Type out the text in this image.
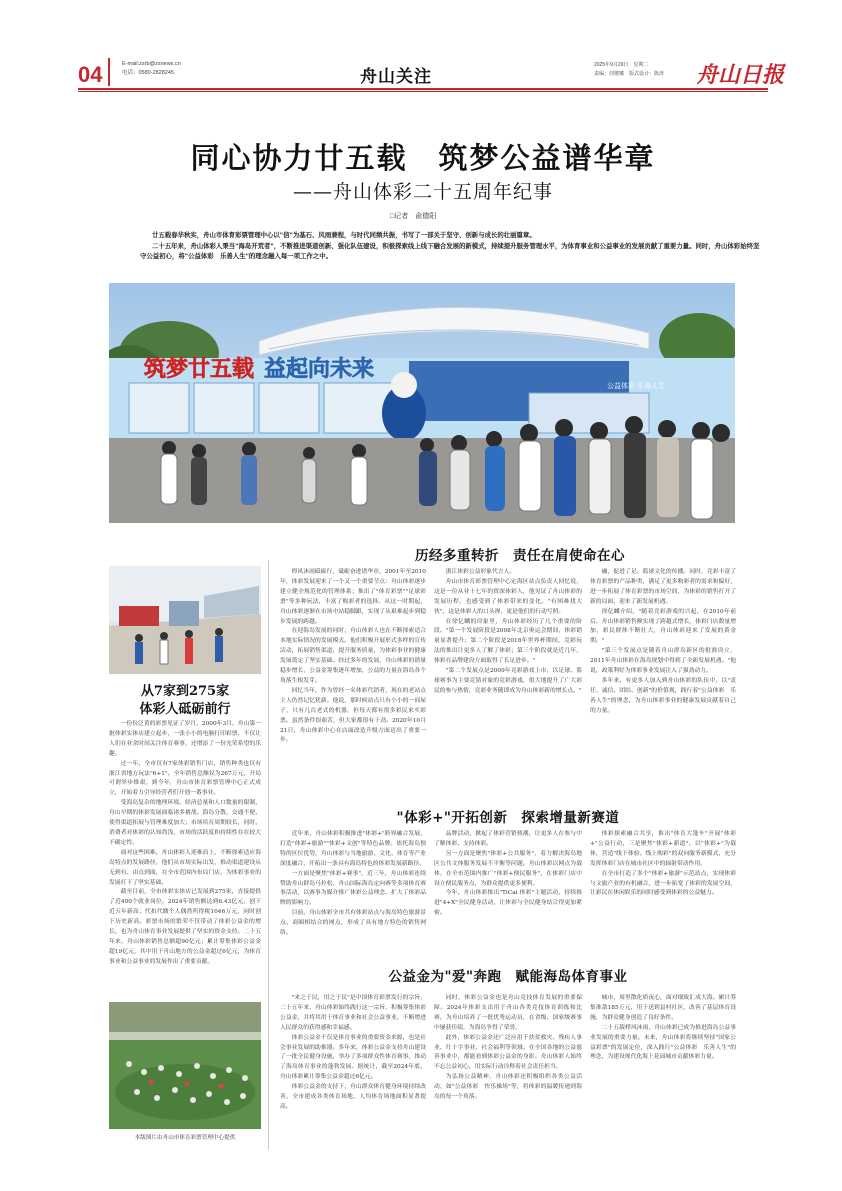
04	E-mail:zsrb@zsnews.cn
电话：0580-2828245	舟山关注
2025年9月29日　星期二
责编：周婆娜　版式设计：陈涛 舟山日报
同心协力廿五载　筑梦公益谱华章
——舟山体彩二十五周年纪事
□记者　俞德阳

廿五载春华秋实，舟山市体育彩票管理中心以"信"为基石、风雨兼程，与时代同频共振，书写了一部关于坚守、创新与成长的壮丽篇章。

二十五年来，舟山体彩人秉当"海岛开荒者"，不断推进渠道创新、强化队伍建设，积极探索线上线下融合发展的新模式，持续提升服务管理水平，为体育事业和公益事业的发展贡献了重要力量。同时，舟山体彩始终坚守公益初心，将"公益体彩　乐善人生"的理念融入每一项工作之中。

筑梦廿五载 益起向未来
公益体彩 乐善人生
历经多重转折　责任在肩使命在心
从7家到275家
体彩人砥砺前行

一份份泛黄的彩票见证了岁月，2000年3月，舟山第一批体彩实体店建立起步，一张小小的电脑打印彩票，不仅让人们在业余时间关注体育赛事，还增添了一份光荣希望的乐趣。

过一年，全市仅有7家体彩销售门店，销售种类也仅有浙江省地方玩法"6+1"。全年销售总额仅为267万元，开局可谓举步维艰。到今年，舟山市体育彩票管理中心正式成立，开始着力引导经营者们开创一番事业。

受海岛复杂的地理环境、经济总量和人口数量的限制，舟山早期的体彩发展面临诸多挑战。海岛分散、交通不便，使得渠道拓展与管理难度加大；市场培育周期较长，同时，消费者对体彩的认知尚浅，市场的活跃度和持续性存在较大不确定性。

面对这些困难，舟山体彩人迎难而上，不断探索适应海岛特点的发展路径，他们从市场实际出发，推动渠道建设从无到有、由点到面，在全市范围内布局门店，为体彩事业的发展打下了坚实基础。

截至目前，全市体彩实体店已发展到275家，直接提供了近400个就业岗位。2024年销售额达到6.43亿元，创下近五年新高；代扣代缴个人偶然所得税1046万元，同时创下历史新高。彩票市场的繁荣不仅带动了体彩公益金的增长，也为舟山体育事业发展提供了坚实的资金支持。二十五年来，舟山体彩销售总额超90亿元；累计筹集体彩公益金超19亿元，其中用于舟山地方的公益金超过6亿元，为体育事业和公益事业的发展作出了重要贡献。

本版图片由舟山市体育彩票管理中心提供

栉风沐雨砥砺行，砥砺奋进谱华章，2001年至2010年，体彩发展迎来了一个又一个重要节点：舟山体彩逐步建立健全规范化的管理体系；推出了"体育彩票""足球彩票"等多种玩法，丰富了购彩者的选择。从这一时期起，舟山体彩逐渐在市场中站稳脚跟，实现了从艰难起步到稳步发展的跨越。

在迎海岛发展的同时，舟山体彩人也在不断探索适合本地实际情况的发展模式。他们积极开展形式多样的宣传活动，拓展销售渠道，提升服务质量，为体彩事业的健康发展奠定了坚实基础。经过多年的发展，舟山体彩的销量稳步增长，公益金筹集逐年增加，公益的力量在海岛各个角落生根发芽。

回忆当年，作为曾经一名体彩代销者，现在的老站点主人仍然记忆犹新。他说，那时候站点只有小小的一间屋子，只有几台老式的机器，但每天都有很多彩民来买彩票。虽然条件很艰苦，但大家都很有干劲。2020年10月21日，舟山体彩中心在店面改造升级方面迈出了重要一步。

浙江体彩公益形象代言人。

舟山市体育彩票管理中心定海区站点负责人回忆说，这是一位从业十七年的资深体彩人，他见证了舟山体彩的发展历程，也感受到了体彩带来的变化。"有困难找大伙"，这是体彩人的口头禅，更是他们的行动写照。

在徐亿麟的印象里，舟山体彩经历了几个重要的阶段。"第一个发展阶段是2008年北京奥运会期间，体彩销量显著提升；第二个阶段是2018年世界杯期间，竞彩玩法的推出让更多人了解了体彩；第三个阶段就是近几年，体彩在品牌建设方面取得了长足进步。"

"第二个发展点是2009年竞彩游戏上市，以足球、篮球赛事为主要竞猜对象的竞彩游戏，很大地提升了广大彩民的参与热情，竞彩业务随即成为舟山体彩新的增长点。"

融，促进了足、篮球文化的传播。同时，竞彩丰富了体育彩票的产品种类，满足了更多购彩者的需求和偏好，进一步拓展了体育彩票的市场空间，为体彩的销售打开了新的局面，迎来了新发展机遇。

徐亿麟介绍，"随着竞彩游戏的兴起，在2010年前后，舟山体彩销售额实现了跨越式增长，体彩门店数量增加，彩民群体不断壮大，舟山体彩迎来了发展的黄金期。"

"第三个发展点是随着舟山群岛新区的批准设立，2011年舟山体彩在海岛规划中得到了全新发展机遇。"他说，政策利好为体彩事业发展注入了强劲动力。

多年来，有更多人加入到舟山体彩的队伍中，以"责任、诚信、团结、创新"的价值观，践行着"公益体彩　乐善人生"的理念，为舟山体彩事业的健康发展贡献着自己的力量。

"体彩+"开拓创新　探索增量新赛道

近年来，舟山体彩积极推进"体彩+"跨界融合发展，打造"体彩+旅游""体彩+文创"等特色品牌。依托海岛独特的区位优势，舟山体彩与当地旅游、文化、体育等产业深度融合，开拓出一条具有海岛特色的体彩发展新路径。

一方面是聚焦"体彩+赛事"，近三年，舟山体彩连续赞助舟山群岛马拉松、舟山国际海岛定向赛等多项体育赛事活动，以赛事为媒介推广体彩公益理念，扩大了体彩品牌的影响力。

目前，舟山体彩全市共有体彩站点与海岛特色旅游景点、商圈相结合的网点，形成了具有地方特色的销售网络。

品牌活动，掀起了体彩营销热潮，让更多人在参与中了解体彩、支持体彩。

另一方面是聚焦"体彩+公共服务"，着力解决海岛地区公共文体服务发展不平衡等问题。舟山体彩以网点为载体，在全市范围内推广"体彩+便民服务"，在体彩门店中设立便民服务点，为群众提供更多便利。

今年，舟山体彩推出"TiCai 体彩"主题活动，持续推进"4+X"全民健身活动，让体彩与全民健身结合得更加紧密。

体彩探索融合共享，推出"体育大篷车"开展"体彩+"公益行动，三是聚焦"体彩+新道"，以"体彩+"为载体，营造"线下体验、线上购彩"的双向服务新模式，充分发挥体彩门店在城市社区中的辐射带动作用。

在全市打造了多个"体彩+旅游"示范站点，实现体彩与文旅产业的有机融合，进一步拓宽了体彩的发展空间，让彩民在休闲娱乐的同时感受到体彩的公益魅力。

公益金为"爱"奔跑　赋能海岛体育事业

"来之于民，用之于民"是中国体育彩票发行的宗旨。二十五年来，舟山体彩始终践行这一宗旨，积极筹集体彩公益金，并将其用于体育事业和社会公益事业，不断增进人民群众的获得感和幸福感。

体彩公益金不仅是体育事业的重要资金来源，也是社会事业发展的助推器。多年来，体彩公益金支持舟山建设了一批全民健身设施，举办了多项群众性体育赛事，推动了海岛体育事业的蓬勃发展。据统计，截至2024年底，舟山体彩累计筹集公益金超过6亿元。

体彩公益金的支持下，舟山群众体育健身环境持续改善，全市建成各类体育场地，人均体育场地面积显著提高。

同时，体彩公益金也是舟山竞技体育发展的重要保障。2024年体彩支出用于舟山各类竞技体育训练和比赛，为舟山培养了一批优秀运动员，在省级、国家级赛事中屡获佳绩，为海岛争得了荣誉。

此外，体彩公益金还广泛应用于扶贫救灾、残疾人事业、红十字事业、社会福利等领域。在全国各地的公益慈善事业中，都能看到体彩公益金的身影。舟山体彩人始终不忘公益初心，用实际行动诠释着社会责任担当。

为弘扬公益精神，舟山体彩还积极组织各类公益活动，如"公益体彩　快乐操场"等，将体彩的温暖传递到海岛的每一个角落。

城市，周里散化质夜心，面对细致汇成大海。累计筹集准款185万元，用于送到县村社区，改善了基层体育设施，为群众健身创造了良好条件。

二十五载栉风沐雨，舟山体彩已成为推进海岛公益事业发展的重要力量。未来，舟山体彩将继续坚持"国家公益彩票"的发展定位，深入践行"公益体彩　乐善人生"的理念，为建设现代化海上花园城市贡献体彩力量。
